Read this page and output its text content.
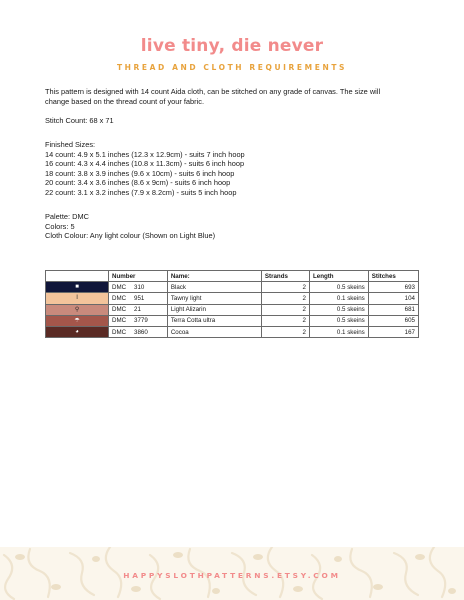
live tiny, die never
THREAD AND CLOTH REQUIREMENTS
This pattern is designed with 14 count Aida cloth, can be stitched on any grade of canvas. The size will
change based on the thread count of your fabric.
Stitch Count: 68 x 71
Finished Sizes:
14 count: 4.9 x 5.1 inches (12.3 x 12.9cm) - suits 7 inch hoop
16 count: 4.3 x 4.4 inches (10.8 x 11.3cm) - suits 6 inch hoop
18 count: 3.8 x 3.9 inches (9.6 x 10cm) - suits 6 inch hoop
20 count: 3.4 x 3.6 inches (8.6 x 9cm) - suits 6 inch hoop
22 count: 3.1 x 3.2 inches (7.9 x 8.2cm) - suits 5 inch hoop
Palette: DMC
Colors: 5
Cloth Colour: Any light colour (Shown on Light Blue)
	Number	Name:	Strands	Length	Stitches
■	DMC 310	Black	2	0.5 skeins	693
Ι	DMC 951	Tawny light	2	0.1 skeins	104
⚲	DMC 21	Light Alizarin	2	0.5 skeins	681
☂	DMC 3779	Terra Cotta ultra	2	0.5 skeins	605
◕	DMC 3860	Cocoa	2	0.1 skeins	167
HAPPYSLOTHPATTERNS.ETSY.COM
